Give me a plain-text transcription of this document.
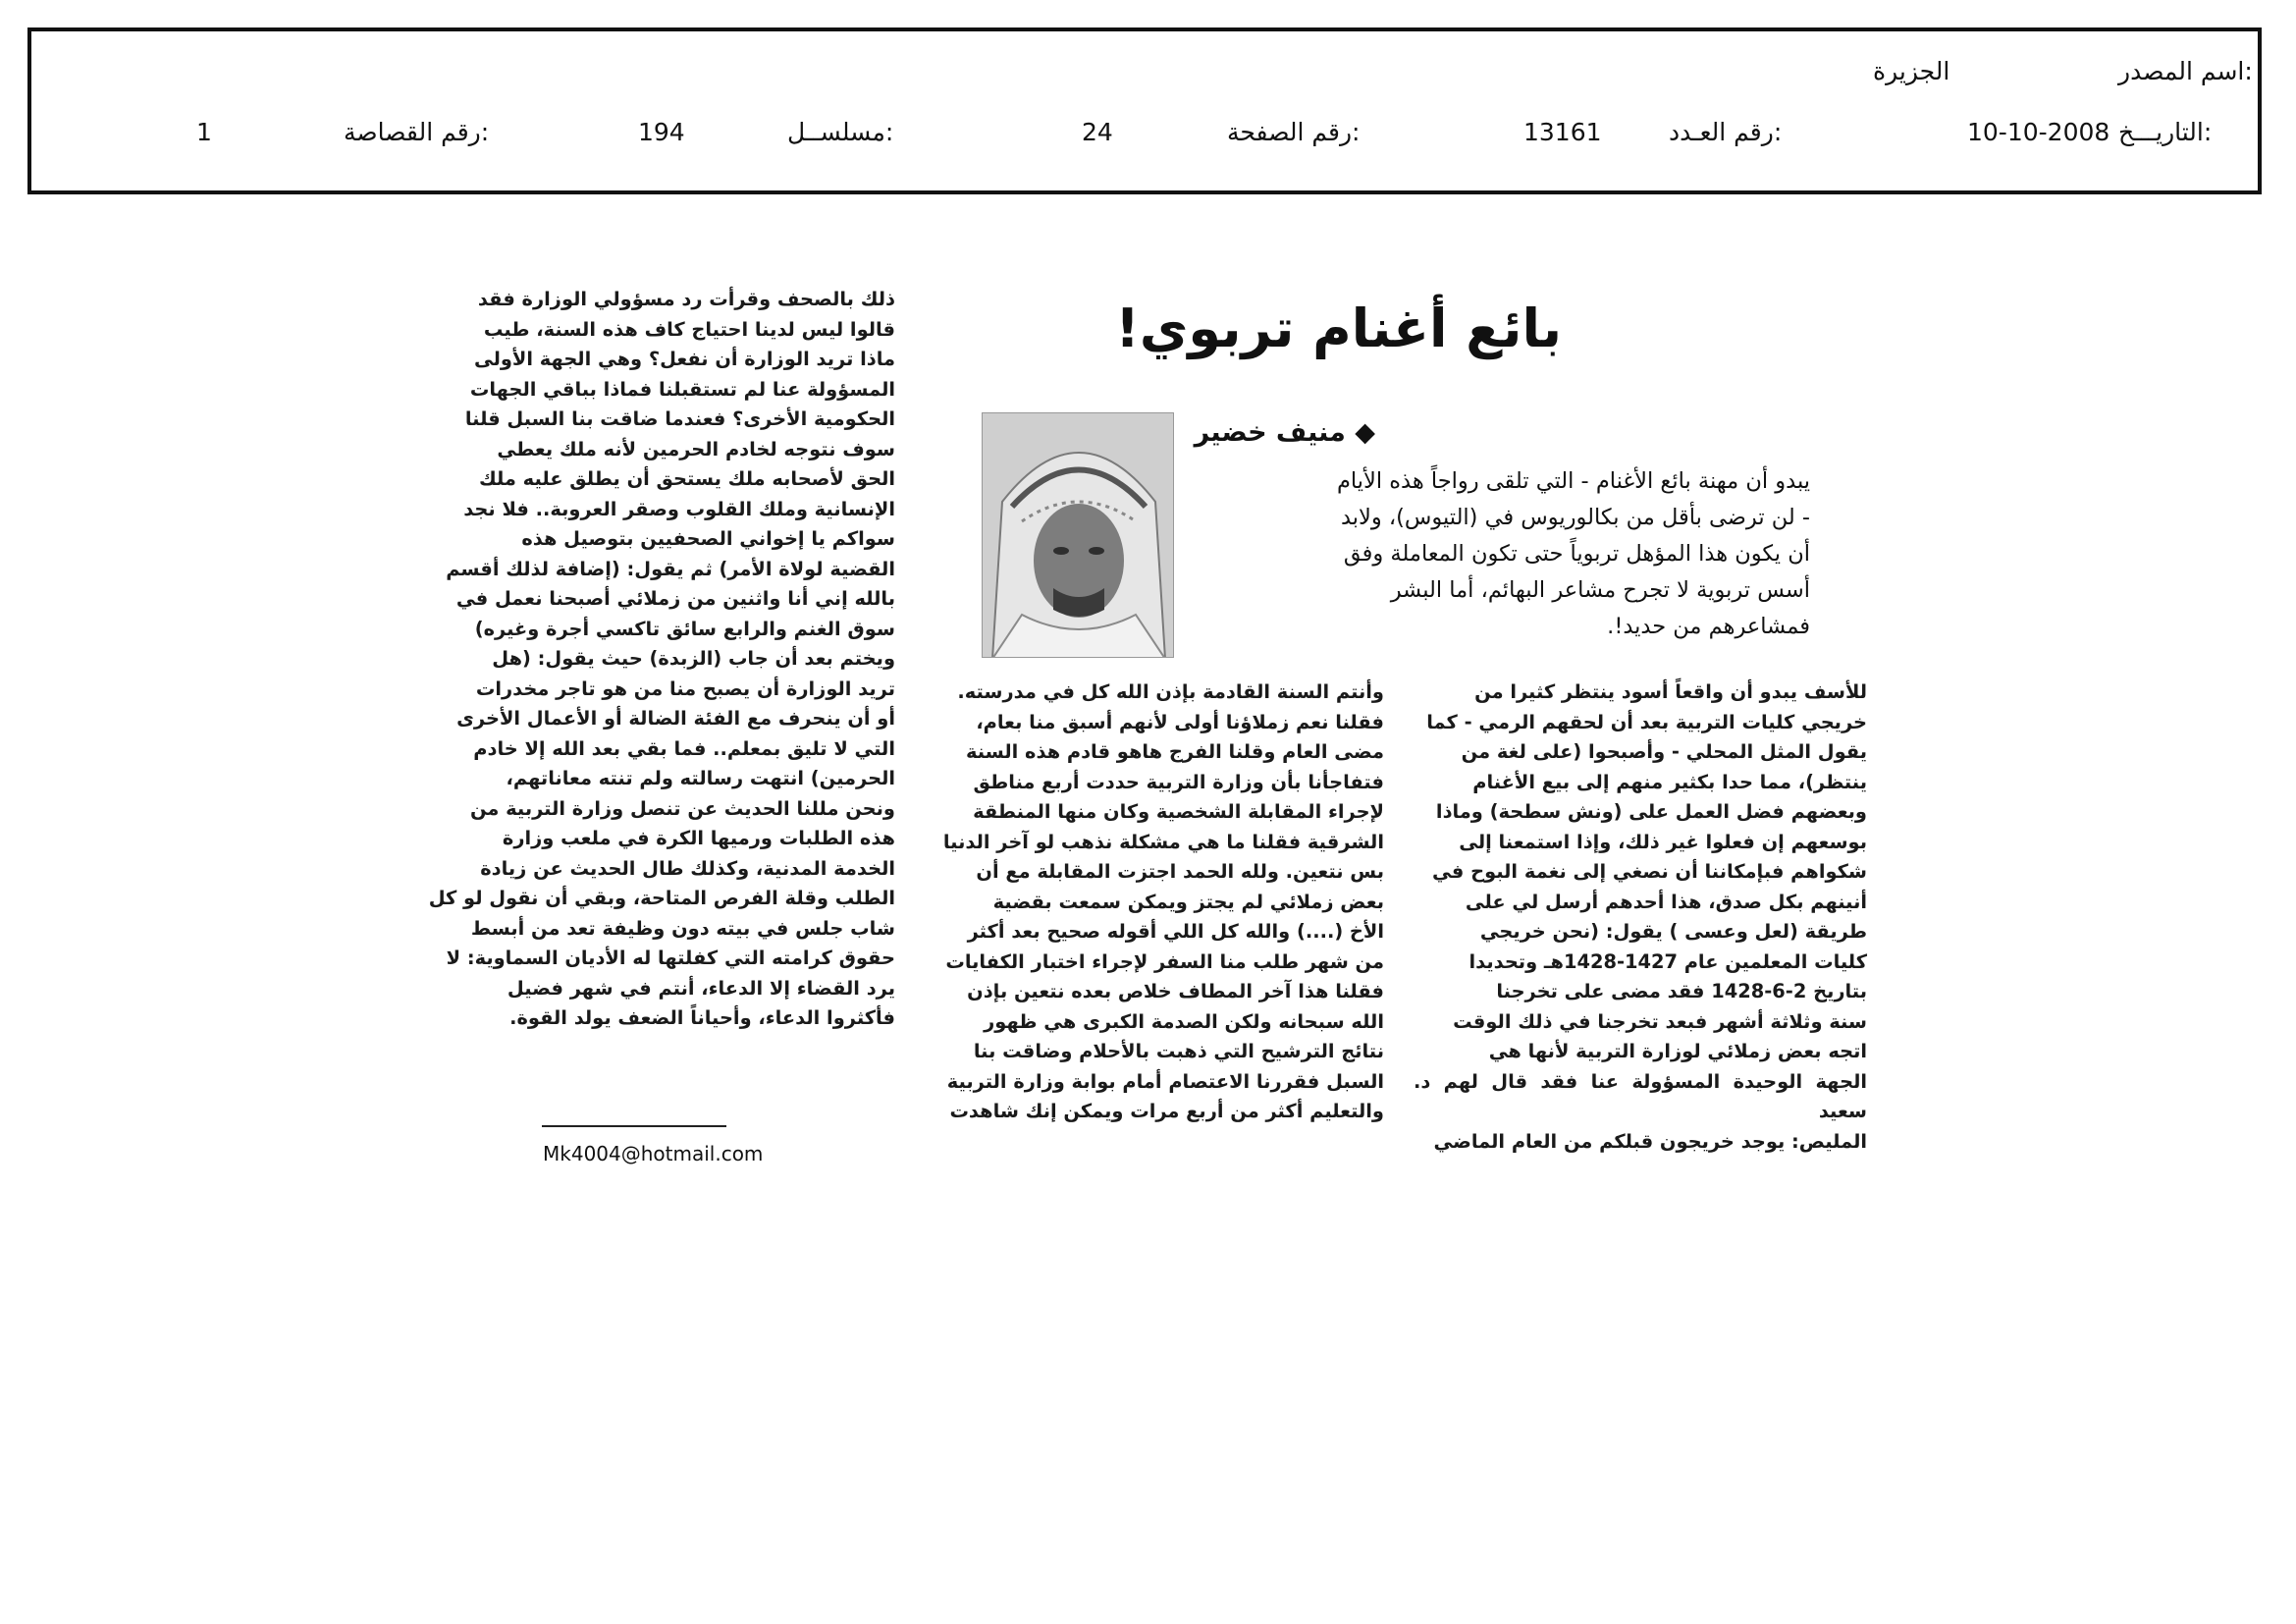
اسم المصدر:
الجزيرة
التاريـــخ:
10-10-2008
رقم العـدد:
13161
رقم الصفحة:
24
مسلســل:
194
رقم القصاصة:
1
بائع أغنام تربوي!
◆ منيف خضير

يبدو أن مهنة بائع الأغنام - التي تلقى رواجاً هذه الأيام

- لن ترضى بأقل من بكالوريوس في (التيوس)، ولابد

أن يكون هذا المؤهل تربوياً حتى تكون المعاملة وفق

أسس تربوية لا تجرح مشاعر البهائم، أما البشر

فمشاعرهم من حديد!.

للأسف يبدو أن واقعاً أسود ينتظر كثيرا من

خريجي كليات التربية بعد أن لحقهم الرمي - كما

يقول المثل المحلي - وأصبحوا (على لغة من

ينتظر)، مما حدا بكثير منهم إلى بيع الأغنام

وبعضهم فضل العمل على (ونش سطحة) وماذا

بوسعهم إن فعلوا غير ذلك، وإذا استمعنا إلى

شكواهم فبإمكاننا أن نصغي إلى نغمة البوح في

أنينهم بكل صدق، هذا أحدهم أرسل لي على

طريقة (لعل وعسى ) يقول: (نحن خريجي

كليات المعلمين عام 1427-1428هـ وتحديدا

بتاريخ 2-6-1428 فقد مضى على تخرجنا

سنة وثلاثة أشهر فبعد تخرجنا في ذلك الوقت

اتجه بعض زملائي لوزارة التربية لأنها هي

الجهة الوحيدة المسؤولة عنا فقد قال لهم د. سعيد

المليص: يوجد خريجون قبلكم من العام الماضي

وأنتم السنة القادمة بإذن الله كل في مدرسته.

فقلنا نعم زملاؤنا أولى لأنهم أسبق منا بعام،

مضى العام وقلنا الفرج هاهو قادم هذه السنة

فتفاجأنا بأن وزارة التربية حددت أربع مناطق

لإجراء المقابلة الشخصية وكان منها المنطقة

الشرقية فقلنا ما هي مشكلة نذهب لو آخر الدنيا

بس نتعين. ولله الحمد اجتزت المقابلة مع أن

بعض زملائي لم يجتز ويمكن سمعت بقضية

الأخ (....) والله كل اللي أقوله صحيح بعد أكثر

من شهر طلب منا السفر لإجراء اختبار الكفايات

فقلنا هذا آخر المطاف خلاص بعده نتعين بإذن

الله سبحانه ولكن الصدمة الكبرى هي ظهور

نتائج الترشيح التي ذهبت بالأحلام وضاقت بنا

السبل فقررنا الاعتصام أمام بوابة وزارة التربية

والتعليم أكثر من أربع مرات ويمكن إنك شاهدت

ذلك بالصحف وقرأت رد مسؤولي الوزارة فقد

قالوا ليس لدينا احتياج كاف هذه السنة، طيب

ماذا تريد الوزارة أن نفعل؟ وهي الجهة الأولى

المسؤولة عنا لم تستقبلنا فماذا بباقي الجهات

الحكومية الأخرى؟ فعندما ضاقت بنا السبل قلنا

سوف نتوجه لخادم الحرمين لأنه ملك يعطي

الحق لأصحابه ملك يستحق أن يطلق عليه ملك

الإنسانية وملك القلوب وصقر العروبة.. فلا نجد

سواكم يا إخواني الصحفيين بتوصيل هذه

القضية لولاة الأمر) ثم يقول: (إضافة لذلك أقسم

بالله إني أنا واثنين من زملائي أصبحنا نعمل في

سوق الغنم والرابع سائق تاكسي أجرة وغيره)

ويختم بعد أن جاب (الزبدة) حيث يقول: (هل

تريد الوزارة أن يصبح منا من هو تاجر مخدرات

أو أن ينحرف مع الفئة الضالة أو الأعمال الأخرى

التي لا تليق بمعلم.. فما بقي بعد الله إلا خادم

الحرمين) انتهت رسالته ولم تنته معاناتهم،

ونحن مللنا الحديث عن تنصل وزارة التربية من

هذه الطلبات ورميها الكرة في ملعب وزارة

الخدمة المدنية، وكذلك طال الحديث عن زيادة

الطلب وقلة الفرص المتاحة، وبقي أن نقول لو كل

شاب جلس في بيته دون وظيفة تعد من أبسط

حقوق كرامته التي كفلتها له الأديان السماوية: لا

يرد القضاء إلا الدعاء، أنتم في شهر فضيل

فأكثروا الدعاء، وأحياناً الضعف يولد القوة.

Mk4004@hotmail.com
